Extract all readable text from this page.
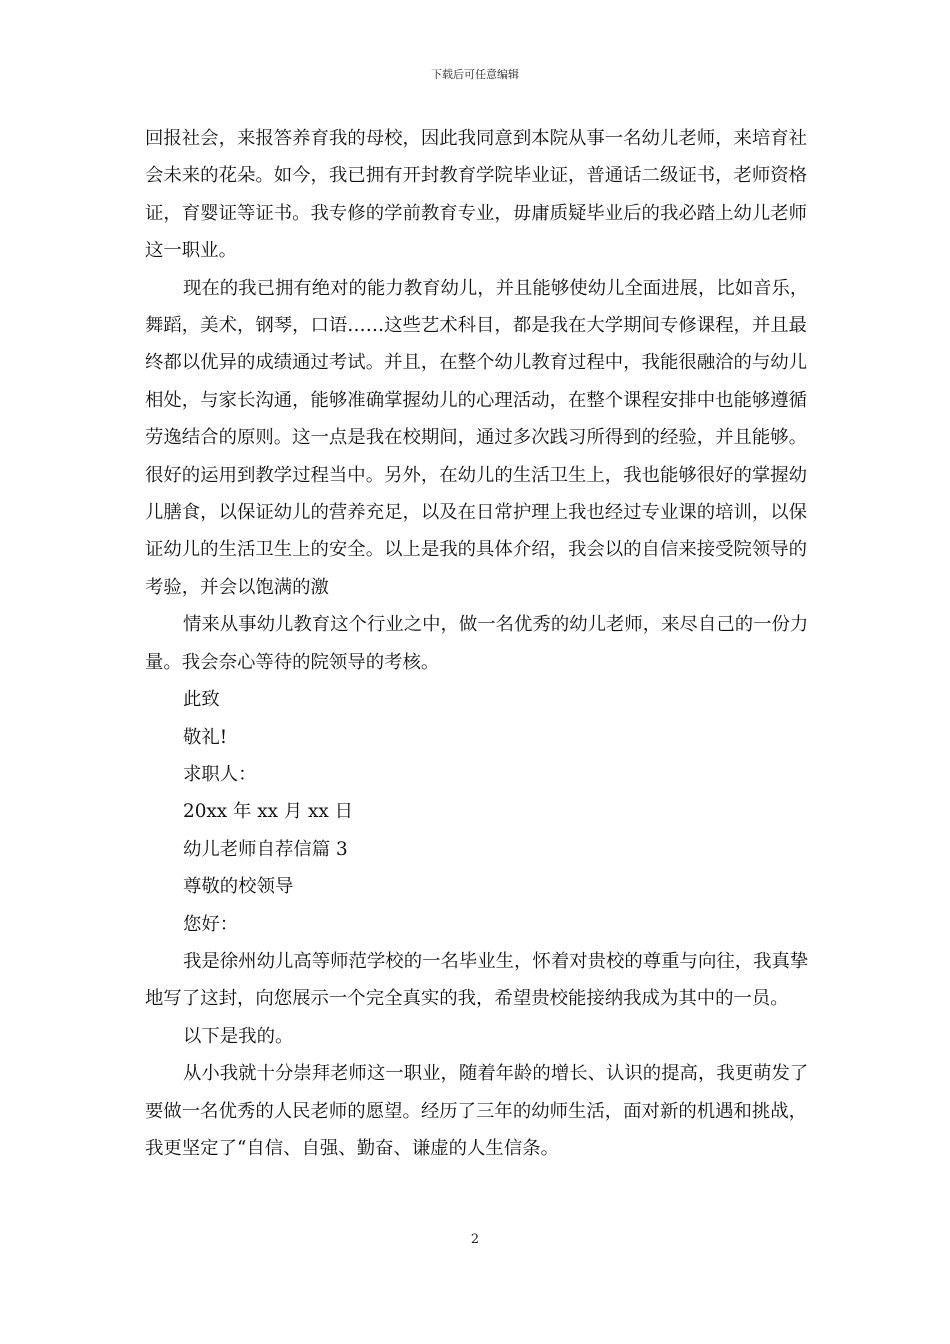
下载后可任意编辑

回报社会，来报答养育我的母校，因此我同意到本院从事一名幼儿老师，来培育社会未来的花朵。如今，我已拥有开封教育学院毕业证，普通话二级证书，老师资格证，育婴证等证书。我专修的学前教育专业，毋庸质疑毕业后的我必踏上幼儿老师这一职业。

现在的我已拥有绝对的能力教育幼儿，并且能够使幼儿全面进展，比如音乐，舞蹈，美术，钢琴，口语……这些艺术科目，都是我在大学期间专修课程，并且最终都以优异的成绩通过考试。并且，在整个幼儿教育过程中，我能很融洽的与幼儿相处，与家长沟通，能够准确掌握幼儿的心理活动，在整个课程安排中也能够遵循劳逸结合的原则。这一点是我在校期间，通过多次践习所得到的经验，并且能够。很好的运用到教学过程当中。另外，在幼儿的生活卫生上，我也能够很好的掌握幼儿膳食，以保证幼儿的营养充足，以及在日常护理上我也经过专业课的培训，以保证幼儿的生活卫生上的安全。以上是我的具体介绍，我会以的自信来接受院领导的考验，并会以饱满的激

情来从事幼儿教育这个行业之中，做一名优秀的幼儿老师，来尽自己的一份力量。我会奈心等待的院领导的考核。

此致

敬礼!

求职人：

20xx 年 xx 月 xx 日

幼儿老师自荐信篇 3

尊敬的校领导

您好：

我是徐州幼儿高等师范学校的一名毕业生，怀着对贵校的尊重与向往，我真挚地写了这封，向您展示一个完全真实的我，希望贵校能接纳我成为其中的一员。

以下是我的。

从小我就十分崇拜老师这一职业，随着年龄的增长、认识的提高，我更萌发了要做一名优秀的人民老师的愿望。经历了三年的幼师生活，面对新的机遇和挑战，我更坚定了“自信、自强、勤奋、谦虚的人生信条。

2
